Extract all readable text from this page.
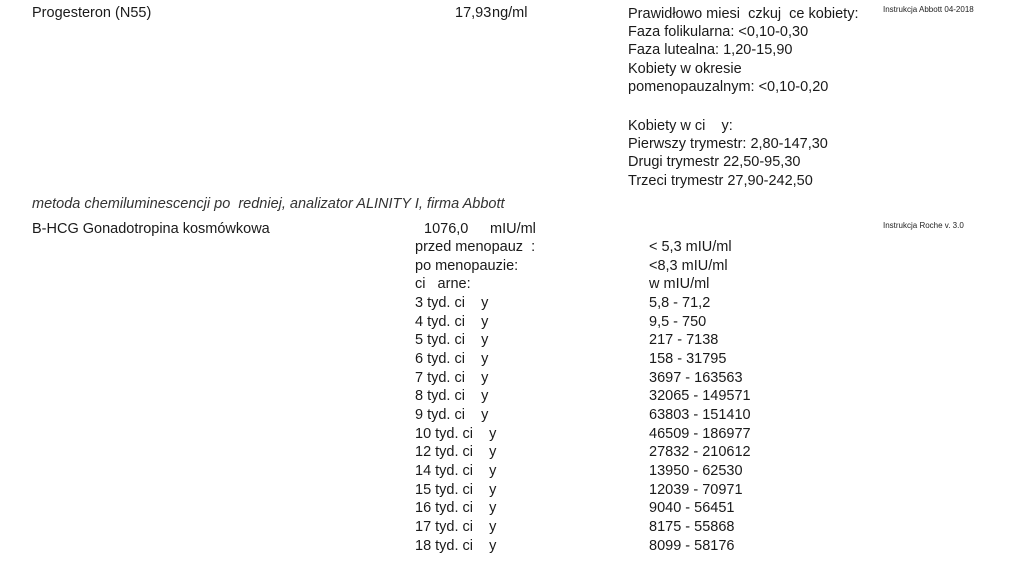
Progesteron (N55)	17,93 ng/ml	Instrukcja Abbott 04-2018
Prawidłowo miesi  czkuj  ce kobiety:
Faza folikularna: <0,10-0,30
Faza lutealna: 1,20-15,90
Kobiety w okresie
pomenopauzalnym: <0,10-0,20
Kobiety w ci    y:
Pierwszy trymestr: 2,80-147,30
Drugi trymestr 22,50-95,30
Trzeci trymestr 27,90-242,50
metoda chemiluminescencji po  redniej, analizator ALINITY I, firma Abbott
B-HCG Gonadotropina kosmówkowa	1076,0 mIU/ml	Instrukcja Roche v. 3.0
przed menopauz  :	< 5,3 mIU/ml
po menopauzie:	<8,3 mIU/ml
ci   arne:	w mIU/ml
3 tyd. ci    y	5,8 - 71,2
4 tyd. ci    y	9,5 - 750
5 tyd. ci    y	217 - 7138
6 tyd. ci    y	158 - 31795
7 tyd. ci    y	3697 - 163563
8 tyd. ci    y	32065 - 149571
9 tyd. ci    y	63803 - 151410
10 tyd. ci    y	46509 - 186977
12 tyd. ci    y	27832 - 210612
14 tyd. ci    y	13950 - 62530
15 tyd. ci    y	12039 - 70971
16 tyd. ci    y	9040 - 56451
17 tyd. ci    y	8175 - 55868
18 tyd. ci    y	8099 - 58176
